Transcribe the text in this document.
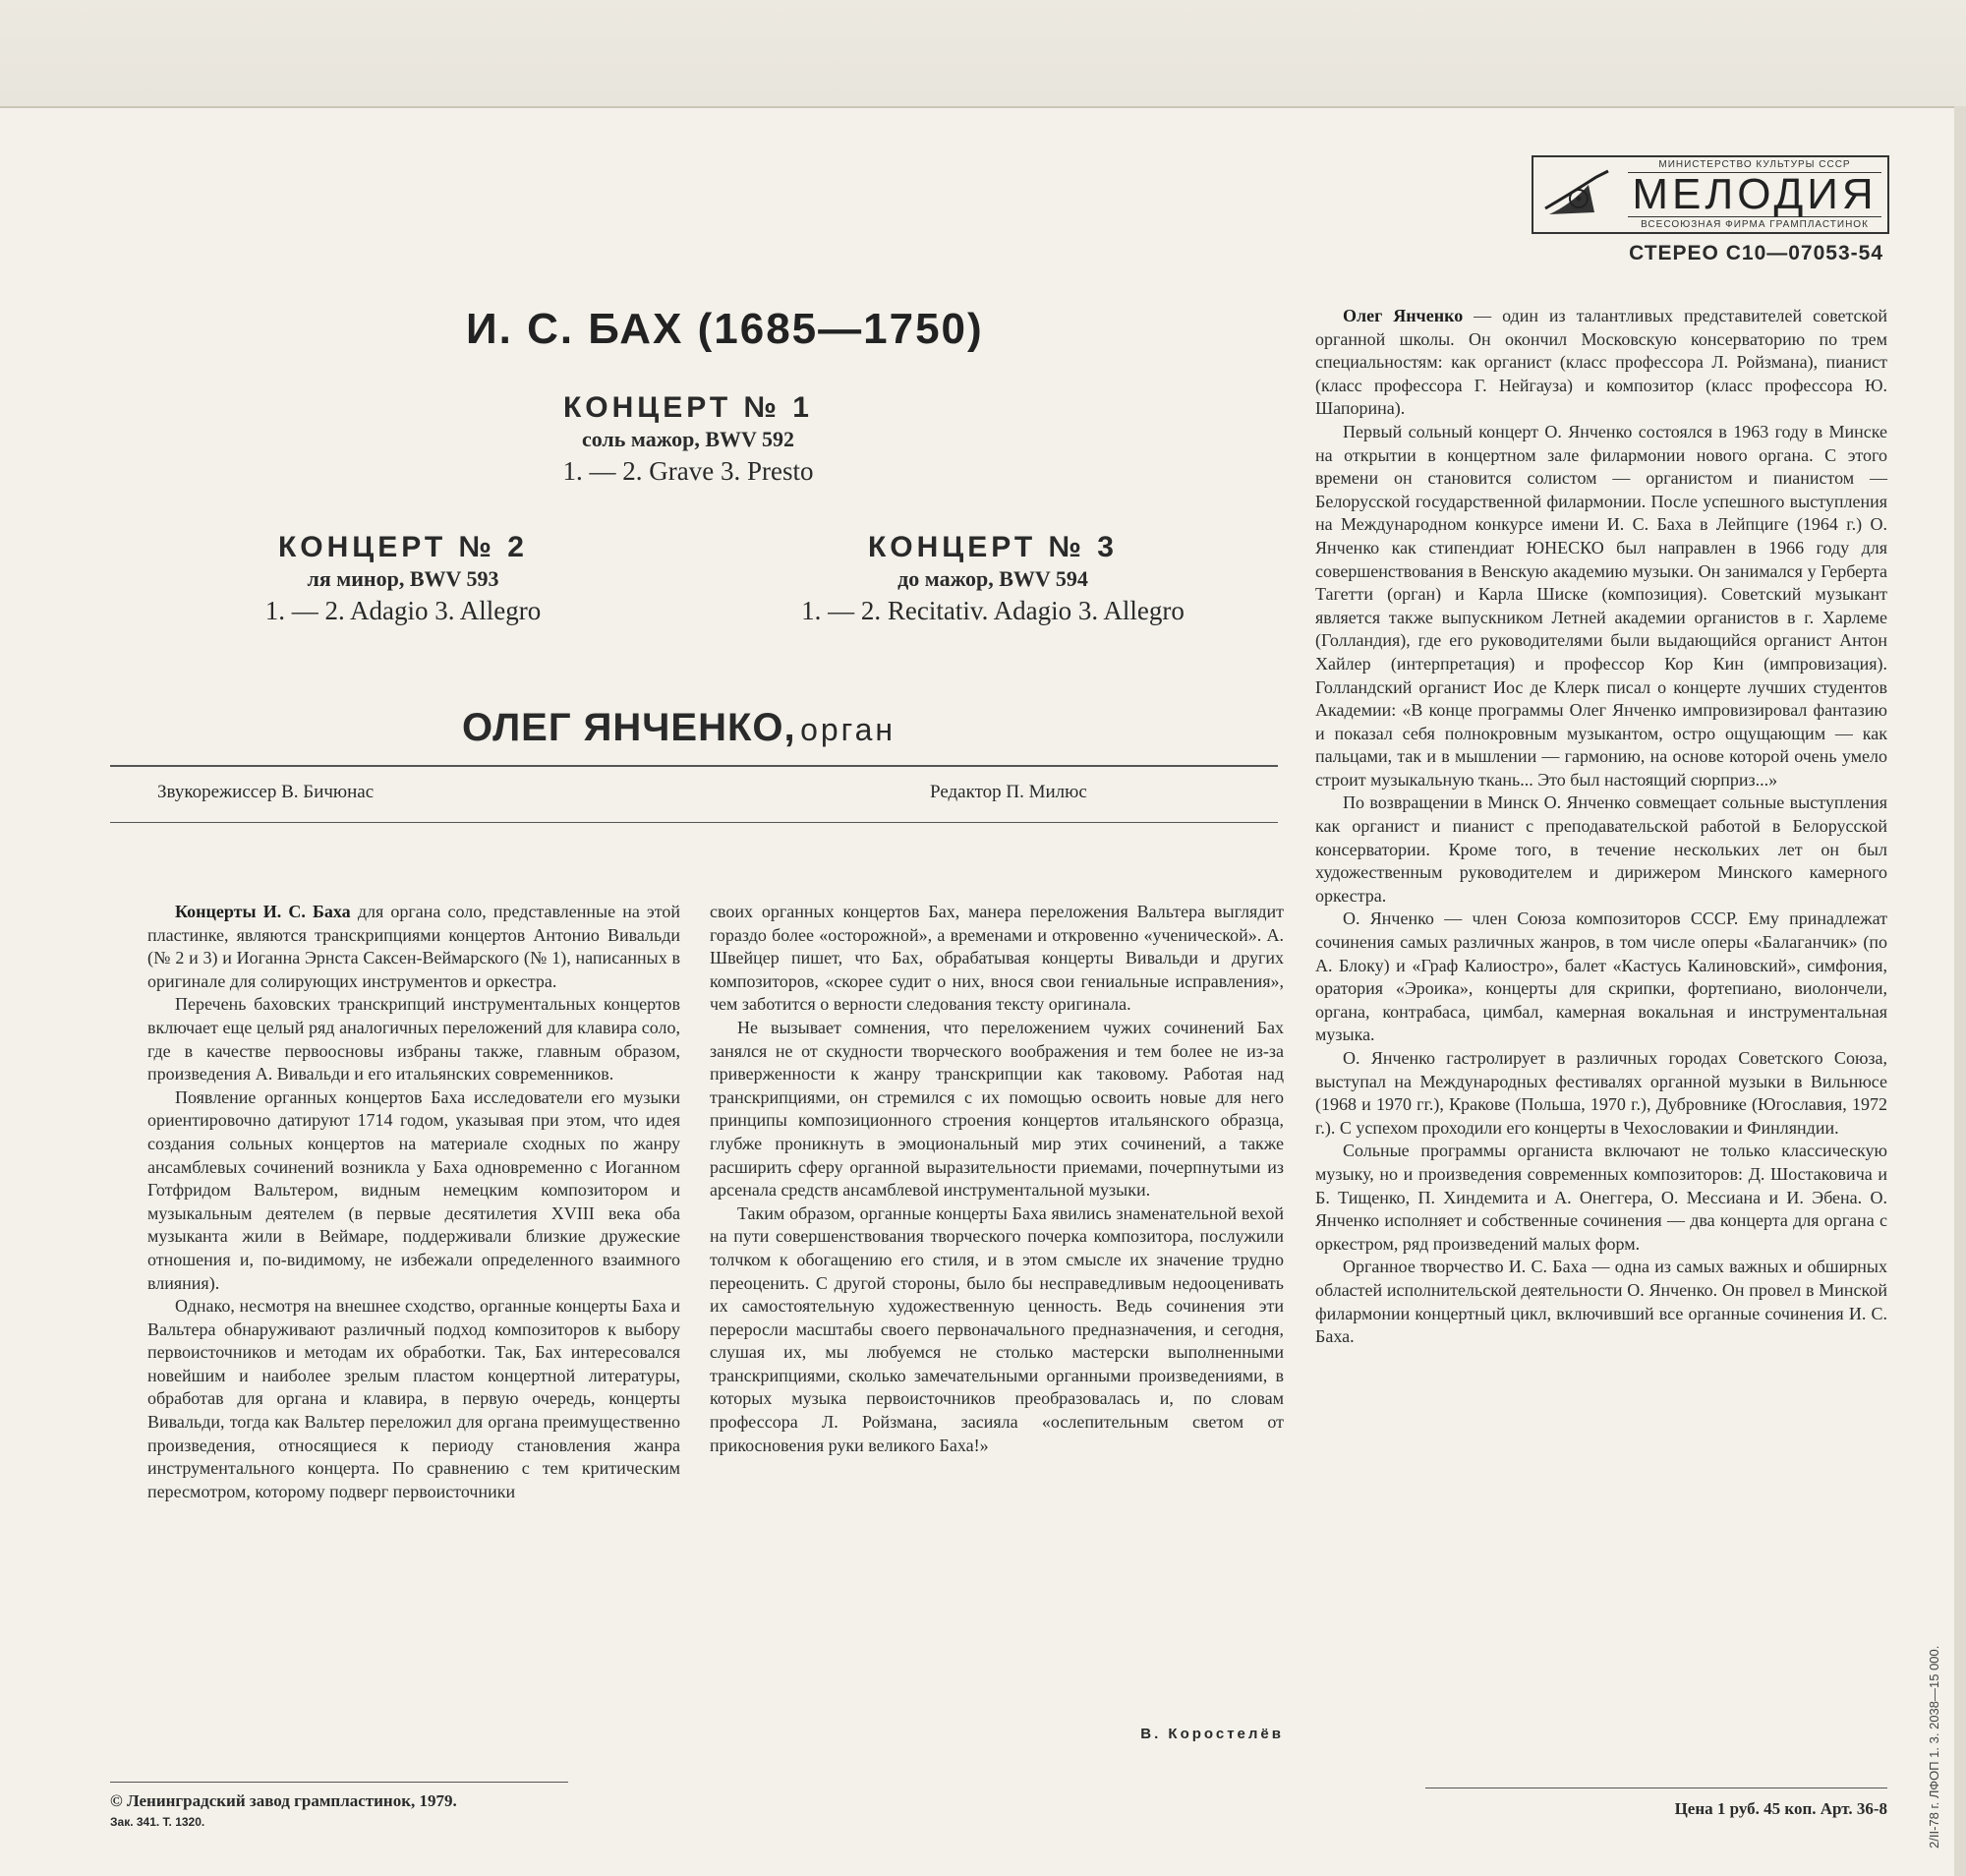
МИНИСТЕРСТВО КУЛЬТУРЫ СССР
МЕЛОДИЯ
ВСЕСОЮЗНАЯ ФИРМА ГРАМПЛАСТИНОК
СТЕРЕО С10—07053-54
И. С. БАХ (1685—1750)
КОНЦЕРТ № 1
соль мажор, BWV 592
1. — 2. Grave 3. Presto
КОНЦЕРТ № 2
ля минор, BWV 593
1. — 2. Adagio 3. Allegro
КОНЦЕРТ № 3
до мажор, BWV 594
1. — 2. Recitativ. Adagio 3. Allegro
ОЛЕГ ЯНЧЕНКО, орган
Звукорежиссер В. Бичюнас	Редактор П. Милюс

Концерты И. С. Баха для органа соло, представленные на этой пластинке, являются транскрипциями концертов Антонио Вивальди (№ 2 и 3) и Иоганна Эрнста Саксен-Веймарского (№ 1), написанных в оригинале для солирующих инструментов и оркестра.

Перечень баховских транскрипций инструментальных концертов включает еще целый ряд аналогичных переложений для клавира соло, где в качестве первоосновы избраны также, главным образом, произведения А. Вивальди и его итальянских современников.

Появление органных концертов Баха исследователи его музыки ориентировочно датируют 1714 годом, указывая при этом, что идея создания сольных концертов на материале сходных по жанру ансамблевых сочинений возникла у Баха одновременно с Иоганном Готфридом Вальтером, видным немецким композитором и музыкальным деятелем (в первые десятилетия XVIII века оба музыканта жили в Веймаре, поддерживали близкие дружеские отношения и, по-видимому, не избежали определенного взаимного влияния).

Однако, несмотря на внешнее сходство, органные концерты Баха и Вальтера обнаруживают различный подход композиторов к выбору первоисточников и методам их обработки. Так, Бах интересовался новейшим и наиболее зрелым пластом концертной литературы, обработав для органа и клавира, в первую очередь, концерты Вивальди, тогда как Вальтер переложил для органа преимущественно произведения, относящиеся к периоду становления жанра инструментального концерта. По сравнению с тем критическим пересмотром, которому подверг первоисточники

своих органных концертов Бах, манера переложения Вальтера выглядит гораздо более «осторожной», а временами и откровенно «ученической». А. Швейцер пишет, что Бах, обрабатывая концерты Вивальди и других композиторов, «скорее судит о них, внося свои гениальные исправления», чем заботится о верности следования тексту оригинала.

Не вызывает сомнения, что переложением чужих сочинений Бах занялся не от скудности творческого воображения и тем более не из-за приверженности к жанру транскрипции как таковому. Работая над транскрипциями, он стремился с их помощью освоить новые для него принципы композиционного строения концертов итальянского образца, глубже проникнуть в эмоциональный мир этих сочинений, а также расширить сферу органной выразительности приемами, почерпнутыми из арсенала средств ансамблевой инструментальной музыки.

Таким образом, органные концерты Баха явились знаменательной вехой на пути совершенствования творческого почерка композитора, послужили толчком к обогащению его стиля, и в этом смысле их значение трудно переоценить. С другой стороны, было бы несправедливым недооценивать их самостоятельную художественную ценность. Ведь сочинения эти переросли масштабы своего первоначального предназначения, и сегодня, слушая их, мы любуемся не столько мастерски выполненными транскрипциями, сколько замечательными органными произведениями, в которых музыка первоисточников преобразовалась и, по словам профессора Л. Ройзмана, засияла «ослепительным светом от прикосновения руки великого Баха!»

В. Коростелёв

Олег Янченко — один из талантливых представителей советской органной школы. Он окончил Московскую консерваторию по трем специальностям: как органист (класс профессора Л. Ройзмана), пианист (класс профессора Г. Нейгауза) и композитор (класс профессора Ю. Шапорина).

Первый сольный концерт О. Янченко состоялся в 1963 году в Минске на открытии в концертном зале филармонии нового органа. С этого времени он становится солистом — органистом и пианистом — Белорусской государственной филармонии. После успешного выступления на Международном конкурсе имени И. С. Баха в Лейпциге (1964 г.) О. Янченко как стипендиат ЮНЕСКО был направлен в 1966 году для совершенствования в Венскую академию музыки. Он занимался у Герберта Тагетти (орган) и Карла Шиске (композиция). Советский музыкант является также выпускником Летней академии органистов в г. Харлеме (Голландия), где его руководителями были выдающийся органист Антон Хайлер (интерпретация) и профессор Кор Кин (импровизация). Голландский органист Иос де Клерк писал о концерте лучших студентов Академии: «В конце программы Олег Янченко импровизировал фантазию и показал себя полнокровным музыкантом, остро ощущающим — как пальцами, так и в мышлении — гармонию, на основе которой очень умело строит музыкальную ткань... Это был настоящий сюрприз...»

По возвращении в Минск О. Янченко совмещает сольные выступления как органист и пианист с преподавательской работой в Белорусской консерватории. Кроме того, в течение нескольких лет он был художественным руководителем и дирижером Минского камерного оркестра.

О. Янченко — член Союза композиторов СССР. Ему принадлежат сочинения самых различных жанров, в том числе оперы «Балаганчик» (по А. Блоку) и «Граф Калиостро», балет «Кастусь Калиновский», симфония, оратория «Эроика», концерты для скрипки, фортепиано, виолончели, органа, контрабаса, цимбал, камерная вокальная и инструментальная музыка.

О. Янченко гастролирует в различных городах Советского Союза, выступал на Международных фестивалях органной музыки в Вильнюсе (1968 и 1970 гг.), Кракове (Польша, 1970 г.), Дубровнике (Югославия, 1972 г.). С успехом проходили его концерты в Чехословакии и Финляндии.

Сольные программы органиста включают не только классическую музыку, но и произведения современных композиторов: Д. Шостаковича и Б. Тищенко, П. Хиндемита и А. Онеггера, О. Мессиана и И. Эбена. О. Янченко исполняет и собственные сочинения — два концерта для органа с оркестром, ряд произведений малых форм.

Органное творчество И. С. Баха — одна из самых важных и обширных областей исполнительской деятельности О. Янченко. Он провел в Минской филармонии концертный цикл, включивший все органные сочинения И. С. Баха.

© Ленинградский завод грампластинок, 1979.
Зак. 341. Т. 1320.
Цена 1 руб. 45 коп. Арт. 36-8	2/II-78 г. ЛФОП 1. 3. 2038—15 000.
